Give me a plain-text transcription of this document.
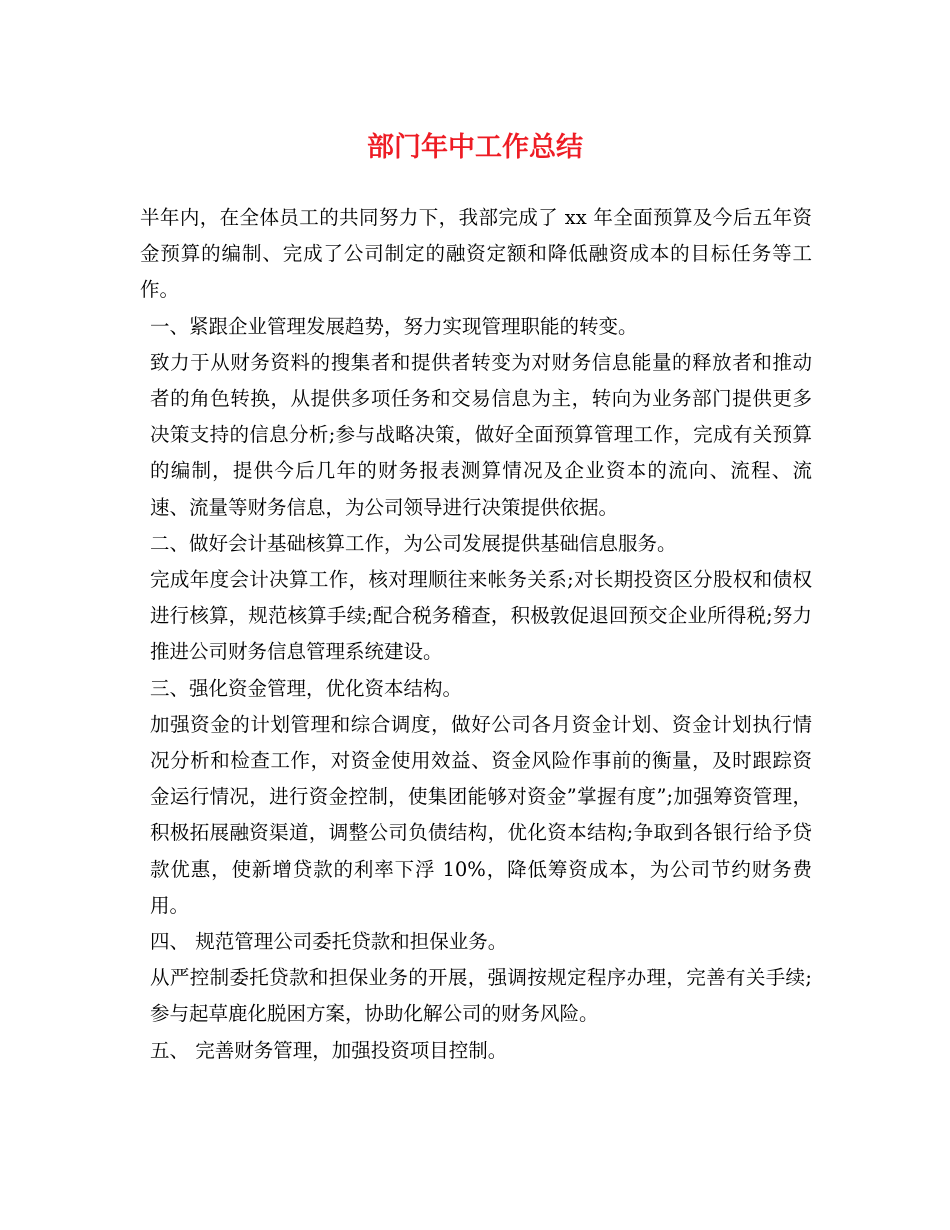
部门年中工作总结

半年内，在全体员工的共同努力下，我部完成了 xx 年全面预算及今后五年资金预算的编制、完成了公司制定的融资定额和降低融资成本的目标任务等工作。

一、紧跟企业管理发展趋势，努力实现管理职能的转变。

致力于从财务资料的搜集者和提供者转变为对财务信息能量的释放者和推动者的角色转换，从提供多项任务和交易信息为主，转向为业务部门提供更多决策支持的信息分析;参与战略决策，做好全面预算管理工作，完成有关预算的编制，提供今后几年的财务报表测算情况及企业资本的流向、流程、流速、流量等财务信息，为公司领导进行决策提供依据。

二、做好会计基础核算工作，为公司发展提供基础信息服务。

完成年度会计决算工作，核对理顺往来帐务关系;对长期投资区分股权和债权进行核算，规范核算手续;配合税务稽查，积极敦促退回预交企业所得税;努力推进公司财务信息管理系统建设。

三、强化资金管理，优化资本结构。

加强资金的计划管理和综合调度，做好公司各月资金计划、资金计划执行情况分析和检查工作，对资金使用效益、资金风险作事前的衡量，及时跟踪资金运行情况，进行资金控制，使集团能够对资金”掌握有度”;加强筹资管理，积极拓展融资渠道，调整公司负债结构，优化资本结构;争取到各银行给予贷款优惠，使新增贷款的利率下浮 10%，降低筹资成本，为公司节约财务费用。

四、 规范管理公司委托贷款和担保业务。

从严控制委托贷款和担保业务的开展，强调按规定程序办理，完善有关手续;参与起草鹿化脱困方案，协助化解公司的财务风险。

五、 完善财务管理，加强投资项目控制。
